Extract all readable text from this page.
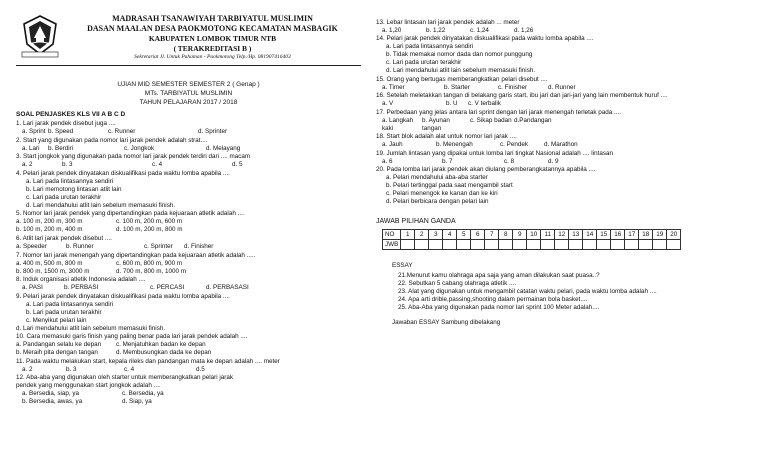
MADRASAH TSANAWIYAH TARBIYATUL MUSLIMIN
DASAN MAALAN DESA PAOKMOTONG KECAMATAN MASBAGIK
KABUPATEN LOMBOK TIMUR NTB
( TERAKREDITASI B )
Sekretariat Jl. Untuk Pahaman - Paokmotong Telp./Hp. 081907416403
UJIAN MID SEMESTER SEMESTER 2 ( Genap )
MTs. TARBIYATUL MUSLIMIN
TAHUN PELAJARAN 2017 / 2018
SOAL PENJASKES KLS VII A B C D
1. Lari jarak pendek disebut juga ....
a. Sprint b. Speed	c. Runner	d. Sprinter
2. Start yang digunakan pada nomor lari jarak pendek adalah strat....
a. Lari	b. Berdiri	c. Jongkok	d. Melayang
3. Start jongkok yang digunakan pada nomor lari jarak pendek terdiri dari .... macam
a. 2	b. 3	c. 4	d. 5
4. Pelari jarak pendek dinyatakan diskualifikasi pada waktu lomba apabila ....
a. Lari pada lintasannya sendiri
b. Lari memotong lintasan atlit lain
c. Lari pada urutan terakhir
d. Lari mendahului atlit lain sebelum memasuki finish.
5. Nomor lari jarak pendek yang dipertandingkan pada kejuaraan atletik adalah ....
a. 100 m, 200 m, 300 m	c. 100 m, 200 m, 600 m
b. 100 m, 200 m, 400 m	d. 100 m, 200 m, 800 m
6. Atlit lari jarak pendek disebut ....
a. Speeder	b. Runner	c. Sprinter	d. Finisher
7. Nomor lari jarak menengah yang dipertandingkan pada kejuaraan atletik adalah .....
a. 400 m, 500 m, 800 m	c. 600 m, 800 m, 900 m
b. 800 m, 1500 m, 3000 m	d. 700 m, 800 m, 1000 m
8. Induk organisasi atletik Indonesia adalah ....
a. PASI	b. PERBASI	c. PERCASI	d. PERBASASI
9. Pelari jarak pendek dinyatakan diskualifikasi pada waktu lomba apabila ....
a. Lari pada lintasannya sendiri
b. Lari pada urutan terakhir
c. Menyikut pelari lain
d. Lari mendahului atlit lain sebelum memasuki finish.
10. Cara memasuki garis finish yang paling benar pada lari jarak pendek adalah ....
a. Pandangan selalu ke depan	c. Menjatuhkan badan ke depan
b. Meraih pita dengan tangan	d. Membusungkan dada ke depan
11. Pada waktu melakukan start, kepala rileks dan pandangan mata ke depan adalah .... meter
a. 2	b. 3	c. 4	d.5
12. Aba-aba yang digunakan oleh starter untuk memberangkatkan pelari jarak
pendek yang menggunakan start jongkok adalah ....
a. Bersedia, siap, ya	c. Bersedia, ya
b. Bersedia, awas, ya	d. Siap, ya
13. Lebar lintasan lari jarak pendek adalah ... meter
a. 1,20	b. 1,22	c. 1,24	d. 1,26
14. Pelari jarak pendek dinyatakan diskualifikasi pada waktu lomba apabila ....
a. Lari pada lintasannya sendiri
b. Tidak memakai nomor dada dan nomor punggung
c. Lari pada urutan terakhir
d. Lari mendahului atlit lain sebelum memasuki finish.
15. Orang yang bertugas memberangkatkan pelari disebut ....
a. Timer	b. Starter	c. Finisher	d. Runner
16. Setelah meletakkan tangan di belakang garis start, ibu jari dan jari-jari yang lain membentuk huruf ....
a. V	b. U	c. V terbalik
17. Perbedaan yang jelas antara lari sprint dengan lari jarak menengah terletak pada ....
a. Langkah kaki
b. Ayunan tangan
c. Sikap badan d.Pandangan
18. Start blok adalah alat untuk nomor lari jarak ....
a. Jauh	b. Menengah	c. Pendek	d. Marathon
19. Jumlah lintasan yang dipakai untuk lomba lari tingkat Nasional adalah .... lintasan
a. 6	b. 7	c. 8	d. 9
20. Pada lomba lari jarak pendek akan diulang pemberangkatannya apabila ....
a. Pelari mendahului aba-aba starter
b. Pelari tertinggal pada saat mengambil start
c. Pelari menengok ke kanan dan ke kiri
d. Pelari berbicara dengan pelari lain
JAWAB PILIHAN GANDA
NO	1	2	3	4	5	6	7	8	9	10	11	12	13	14	15	16	17	18	19	20
JWB																				
ESSAY
21.Menurut kamu olahraga apa saja yang aman dilakukan saat puasa..?
22. Sebutkan 5 cabang olahraga atletik ....
23. Alat yang digunakan untuk mengambil catatan waktu pelari, pada waktu lomba adalah ....
24. Apa arti drible,passing,shooting dalam permainan bola basket....
25. Aba-Aba yang digunakan pada nomor lari sprint 100 Meter adalah....
Jawaban ESSAY Sambung dibelakang
